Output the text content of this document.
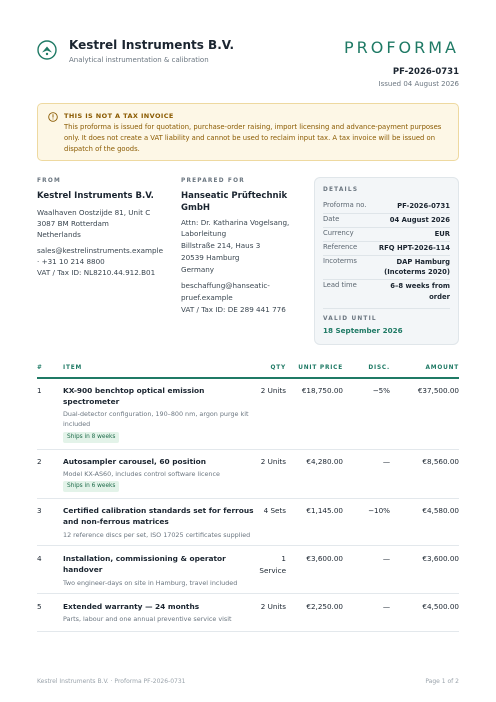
Kestrel Instruments B.V.
Analytical instrumentation & calibration
PROFORMA
PF-2026-0731
Issued 04 August 2026
THIS IS NOT A TAX INVOICE
This proforma is issued for quotation, purchase-order raising, import licensing and advance-payment purposes only. It does not create a VAT liability and cannot be used to reclaim input tax. A tax invoice will be issued on dispatch of the goods.
FROM
Kestrel Instruments B.V.
Waalhaven Oostzijde 81, Unit C
3087 BM Rotterdam
Netherlands
sales@kestrelinstruments.example
· +31 10 214 8800
VAT / Tax ID: NL8210.44.912.B01
PREPARED FOR
Hanseatic Prüftechnik
GmbH
Attn: Dr. Katharina Vogelsang,
Laborleitung
Billstraße 214, Haus 3
20539 Hamburg
Germany
beschaffung@hanseatic-
pruef.example
VAT / Tax ID: DE 289 441 776
DETAILS
Proforma no.	PF-2026-0731
Date	04 August 2026
Currency	EUR
Reference	RFQ HPT-2026-114
Incoterms	DAP Hamburg
(Incoterms 2020)
Lead time	6–8 weeks from
order
VALID UNTIL
18 September 2026
#	ITEM	QTY UNIT PRICE	DISC.	AMOUNT
1	KX-900 benchtop optical emission
spectrometer
Dual-detector configuration, 190–800 nm, argon purge kit
included
Ships in 8 weeks
2 Units €18,750.00	−5%	€37,500.00
2	Autosampler carousel, 60 position
Model KX-AS60, includes control software licence
Ships in 6 weeks
2 Units	€4,280.00	—	€8,560.00
3	Certified calibration standards set for ferrous
and non-ferrous matrices
12 reference discs per set, ISO 17025 certificates supplied
4 Sets	€1,145.00	−10%	€4,580.00
4	Installation, commissioning & operator
handover
Two engineer-days on site in Hamburg, travel included
1
Service
€3,600.00	—	€3,600.00
5	Extended warranty — 24 months
Parts, labour and one annual preventive service visit
2 Units	€2,250.00	—	€4,500.00
Kestrel Instruments B.V. · Proforma PF-2026-0731	Page 1 of 2
